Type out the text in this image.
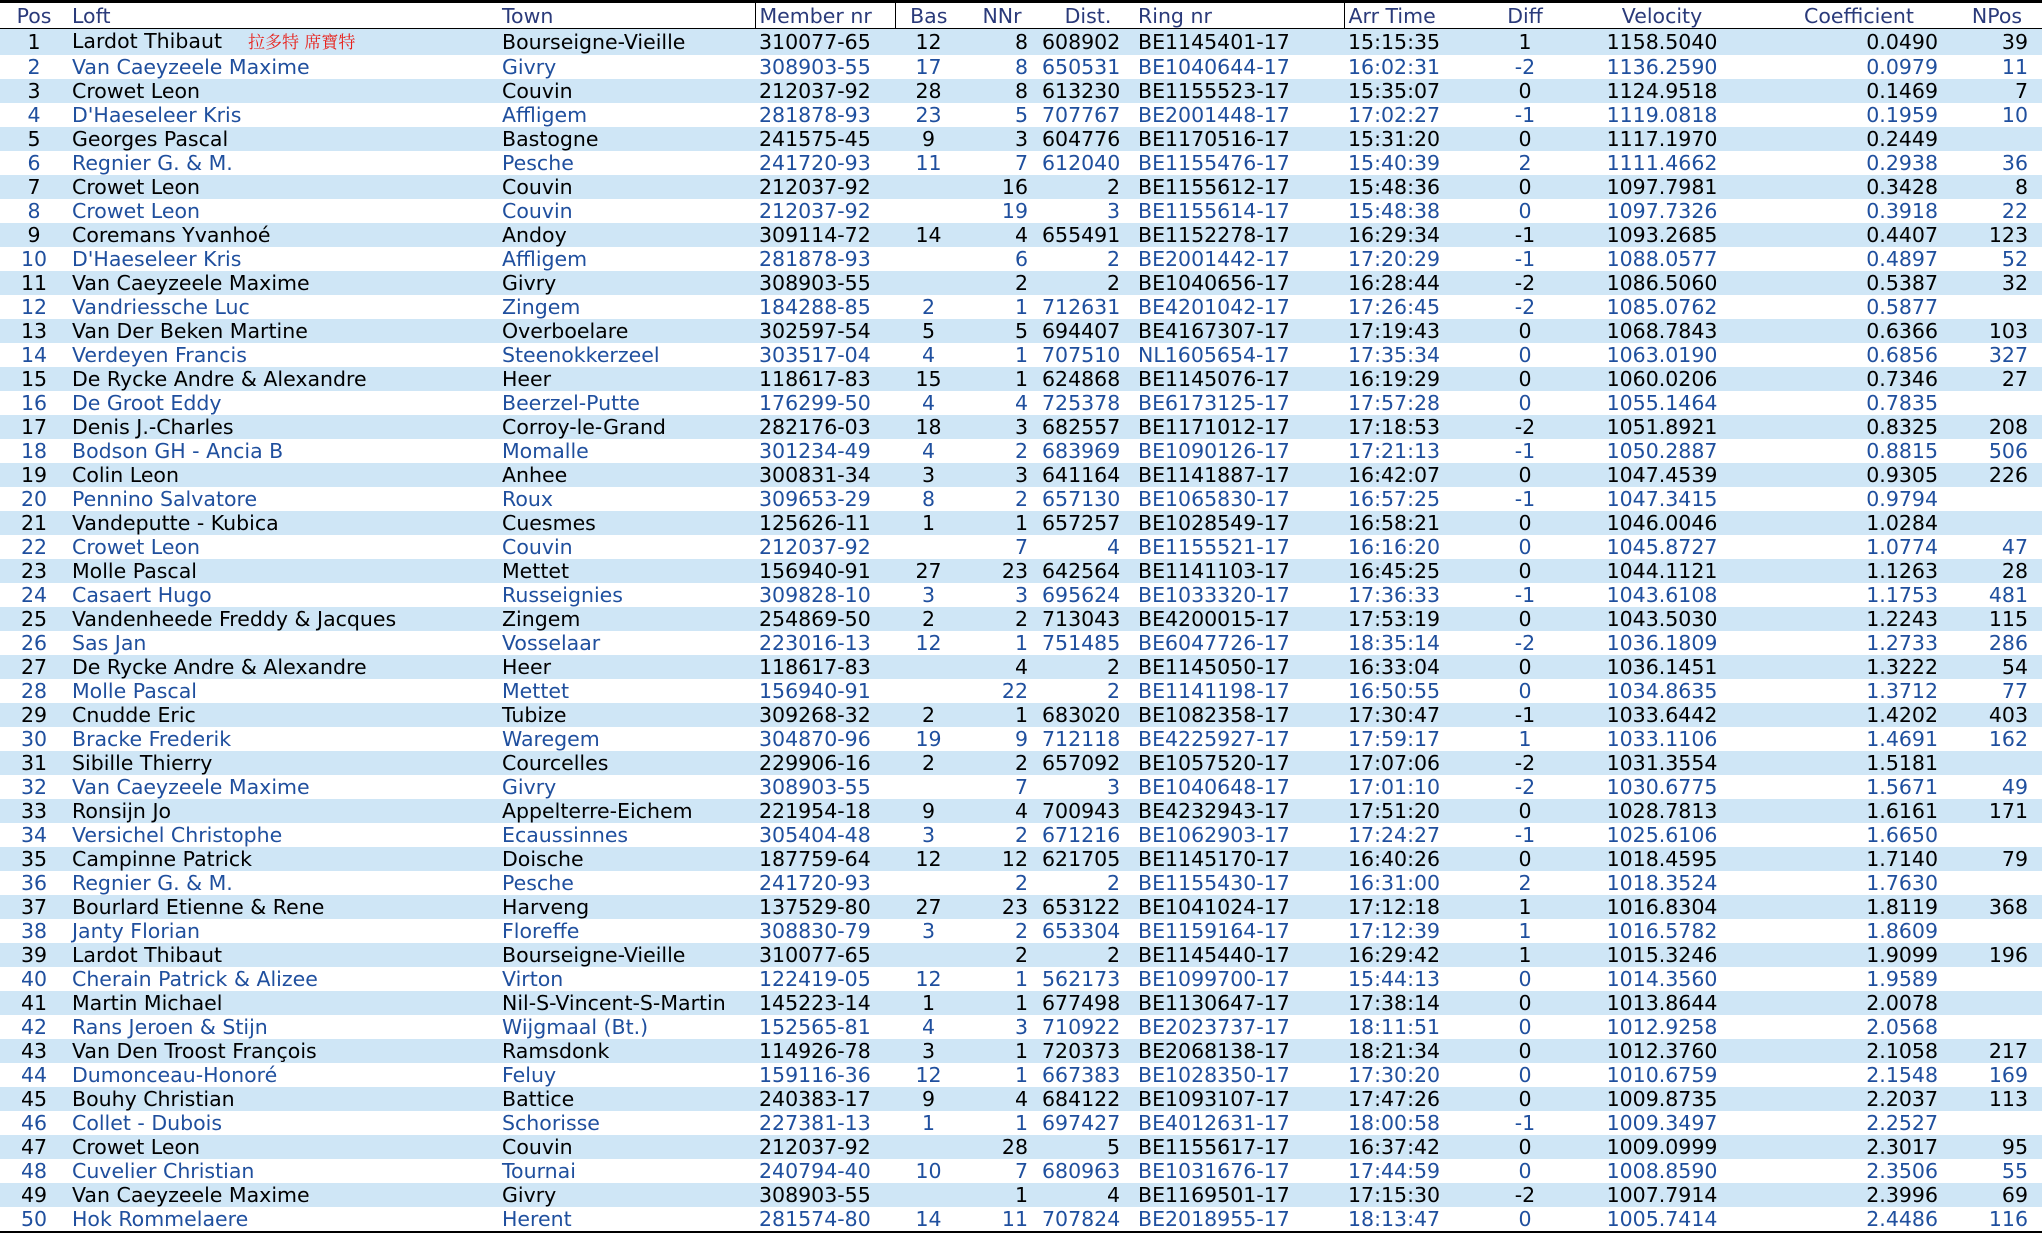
Pos	Loft	Town	Member nr	Bas	NNr	Dist.	Ring nr	Arr Time	Diff	Velocity	Coefficient	NPos
1	Lardot Thibaut 拉多特 席寶特	Bourseigne-Vieille	310077-65	12	8	608902	BE1145401-17	15:15:35	1	1158.5040	0.0490	39
2	Van Caeyzeele Maxime	Givry	308903-55	17	8	650531	BE1040644-17	16:02:31	-2	1136.2590	0.0979	11
3	Crowet Leon	Couvin	212037-92	28	8	613230	BE1155523-17	15:35:07	0	1124.9518	0.1469	7
4	D'Haeseleer Kris	Affligem	281878-93	23	5	707767	BE2001448-17	17:02:27	-1	1119.0818	0.1959	10
5	Georges Pascal	Bastogne	241575-45	9	3	604776	BE1170516-17	15:31:20	0	1117.1970	0.2449	
6	Regnier G. & M.	Pesche	241720-93	11	7	612040	BE1155476-17	15:40:39	2	1111.4662	0.2938	36
7	Crowet Leon	Couvin	212037-92		16	2	BE1155612-17	15:48:36	0	1097.7981	0.3428	8
8	Crowet Leon	Couvin	212037-92		19	3	BE1155614-17	15:48:38	0	1097.7326	0.3918	22
9	Coremans Yvanhoé	Andoy	309114-72	14	4	655491	BE1152278-17	16:29:34	-1	1093.2685	0.4407	123
10	D'Haeseleer Kris	Affligem	281878-93		6	2	BE2001442-17	17:20:29	-1	1088.0577	0.4897	52
11	Van Caeyzeele Maxime	Givry	308903-55		2	2	BE1040656-17	16:28:44	-2	1086.5060	0.5387	32
12	Vandriessche Luc	Zingem	184288-85	2	1	712631	BE4201042-17	17:26:45	-2	1085.0762	0.5877	
13	Van Der Beken Martine	Overboelare	302597-54	5	5	694407	BE4167307-17	17:19:43	0	1068.7843	0.6366	103
14	Verdeyen Francis	Steenokkerzeel	303517-04	4	1	707510	NL1605654-17	17:35:34	0	1063.0190	0.6856	327
15	De Rycke Andre & Alexandre	Heer	118617-83	15	1	624868	BE1145076-17	16:19:29	0	1060.0206	0.7346	27
16	De Groot Eddy	Beerzel-Putte	176299-50	4	4	725378	BE6173125-17	17:57:28	0	1055.1464	0.7835	
17	Denis J.-Charles	Corroy-le-Grand	282176-03	18	3	682557	BE1171012-17	17:18:53	-2	1051.8921	0.8325	208
18	Bodson GH - Ancia B	Momalle	301234-49	4	2	683969	BE1090126-17	17:21:13	-1	1050.2887	0.8815	506
19	Colin Leon	Anhee	300831-34	3	3	641164	BE1141887-17	16:42:07	0	1047.4539	0.9305	226
20	Pennino Salvatore	Roux	309653-29	8	2	657130	BE1065830-17	16:57:25	-1	1047.3415	0.9794	
21	Vandeputte - Kubica	Cuesmes	125626-11	1	1	657257	BE1028549-17	16:58:21	0	1046.0046	1.0284	
22	Crowet Leon	Couvin	212037-92		7	4	BE1155521-17	16:16:20	0	1045.8727	1.0774	47
23	Molle Pascal	Mettet	156940-91	27	23	642564	BE1141103-17	16:45:25	0	1044.1121	1.1263	28
24	Casaert Hugo	Russeignies	309828-10	3	3	695624	BE1033320-17	17:36:33	-1	1043.6108	1.1753	481
25	Vandenheede Freddy & Jacques	Zingem	254869-50	2	2	713043	BE4200015-17	17:53:19	0	1043.5030	1.2243	115
26	Sas Jan	Vosselaar	223016-13	12	1	751485	BE6047726-17	18:35:14	-2	1036.1809	1.2733	286
27	De Rycke Andre & Alexandre	Heer	118617-83		4	2	BE1145050-17	16:33:04	0	1036.1451	1.3222	54
28	Molle Pascal	Mettet	156940-91		22	2	BE1141198-17	16:50:55	0	1034.8635	1.3712	77
29	Cnudde Eric	Tubize	309268-32	2	1	683020	BE1082358-17	17:30:47	-1	1033.6442	1.4202	403
30	Bracke Frederik	Waregem	304870-96	19	9	712118	BE4225927-17	17:59:17	1	1033.1106	1.4691	162
31	Sibille Thierry	Courcelles	229906-16	2	2	657092	BE1057520-17	17:07:06	-2	1031.3554	1.5181	
32	Van Caeyzeele Maxime	Givry	308903-55		7	3	BE1040648-17	17:01:10	-2	1030.6775	1.5671	49
33	Ronsijn Jo	Appelterre-Eichem	221954-18	9	4	700943	BE4232943-17	17:51:20	0	1028.7813	1.6161	171
34	Versichel Christophe	Ecaussinnes	305404-48	3	2	671216	BE1062903-17	17:24:27	-1	1025.6106	1.6650	
35	Campinne Patrick	Doische	187759-64	12	12	621705	BE1145170-17	16:40:26	0	1018.4595	1.7140	79
36	Regnier G. & M.	Pesche	241720-93		2	2	BE1155430-17	16:31:00	2	1018.3524	1.7630	
37	Bourlard Etienne & Rene	Harveng	137529-80	27	23	653122	BE1041024-17	17:12:18	1	1016.8304	1.8119	368
38	Janty Florian	Floreffe	308830-79	3	2	653304	BE1159164-17	17:12:39	1	1016.5782	1.8609	
39	Lardot Thibaut	Bourseigne-Vieille	310077-65		2	2	BE1145440-17	16:29:42	1	1015.3246	1.9099	196
40	Cherain Patrick & Alizee	Virton	122419-05	12	1	562173	BE1099700-17	15:44:13	0	1014.3560	1.9589	
41	Martin Michael	Nil-S-Vincent-S-Martin	145223-14	1	1	677498	BE1130647-17	17:38:14	0	1013.8644	2.0078	
42	Rans Jeroen & Stijn	Wijgmaal (Bt.)	152565-81	4	3	710922	BE2023737-17	18:11:51	0	1012.9258	2.0568	
43	Van Den Troost François	Ramsdonk	114926-78	3	1	720373	BE2068138-17	18:21:34	0	1012.3760	2.1058	217
44	Dumonceau-Honoré	Feluy	159116-36	12	1	667383	BE1028350-17	17:30:20	0	1010.6759	2.1548	169
45	Bouhy Christian	Battice	240383-17	9	4	684122	BE1093107-17	17:47:26	0	1009.8735	2.2037	113
46	Collet - Dubois	Schorisse	227381-13	1	1	697427	BE4012631-17	18:00:58	-1	1009.3497	2.2527	
47	Crowet Leon	Couvin	212037-92		28	5	BE1155617-17	16:37:42	0	1009.0999	2.3017	95
48	Cuvelier Christian	Tournai	240794-40	10	7	680963	BE1031676-17	17:44:59	0	1008.8590	2.3506	55
49	Van Caeyzeele Maxime	Givry	308903-55		1	4	BE1169501-17	17:15:30	-2	1007.7914	2.3996	69
50	Hok Rommelaere	Herent	281574-80	14	11	707824	BE2018955-17	18:13:47	0	1005.7414	2.4486	116
